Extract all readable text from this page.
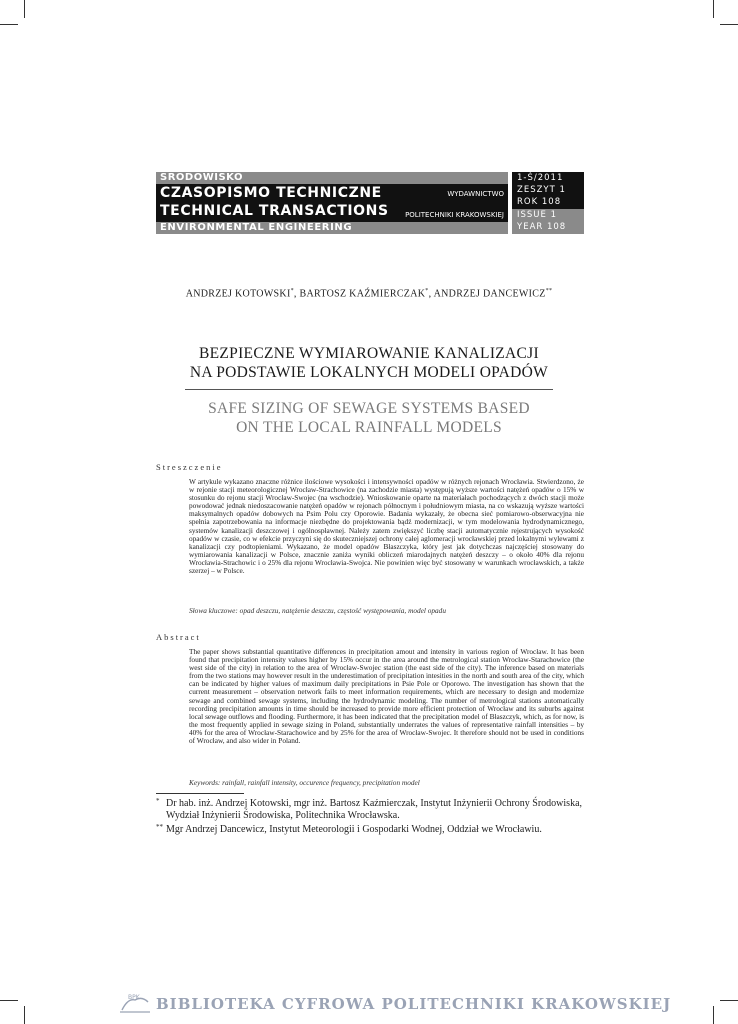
ŚRODOWISKO
CZASOPISMO TECHNICZNE
TECHNICAL TRANSACTIONS
WYDAWNICTWO
POLITECHNIKI KRAKOWSKIEJ
ENVIRONMENTAL ENGINEERING
1-Ś/2011
ZESZYT 1
ROK 108
ISSUE 1
YEAR 108
ANDRZEJ KOTOWSKI*, BARTOSZ KAŹMIERCZAK*, ANDRZEJ DANCEWICZ**
BEZPIECZNE WYMIAROWANIE KANALIZACJI
NA PODSTAWIE LOKALNYCH MODELI OPADÓW
SAFE SIZING OF SEWAGE SYSTEMS BASED
ON THE LOCAL RAINFALL MODELS
Streszczenie
W artykule wykazano znaczne różnice ilościowe wysokości i intensywności opadów w różnych rejonach Wrocławia. Stwierdzono, że w rejonie stacji meteorologicznej Wrocław-Strachowice (na zachodzie miasta) występują wyższe wartości natężeń opadów o 15% w stosunku do rejonu stacji Wrocław-Swojec (na wschodzie). Wnioskowanie oparte na materiałach pochodzących z dwóch stacji może powodować jednak niedoszacowanie natężeń opadów w rejonach północnym i południowym miasta, na co wskazują wyższe wartości maksymalnych opadów dobowych na Psim Polu czy Oporowie. Badania wykazały, że obecna sieć pomiarowo-obserwacyjna nie spełnia zapotrzebowania na informacje niezbędne do projektowania bądź modernizacji, w tym modelowania hydrodynamicznego, systemów kanalizacji deszczowej i ogólnospławnej. Należy zatem zwiększyć liczbę stacji automatycznie rejestrujących wysokość opadów w czasie, co w efekcie przyczyni się do skuteczniejszej ochrony całej aglomeracji wrocławskiej przed lokalnymi wylewami z kanalizacji czy podtopieniami. Wykazano, że model opadów Błaszczyka, który jest jak dotychczas najczęściej stosowany do wymiarowania kanalizacji w Polsce, znacznie zaniża wyniki obliczeń miarodajnych natężeń deszczy – o około 40% dla rejonu Wrocławia-Strachowic i o 25% dla rejonu Wrocławia-Swojca. Nie powinien więc być stosowany w warunkach wrocławskich, a także szerzej – w Polsce.
Słowa kluczowe: opad deszczu, natężenie deszczu, częstość występowania, model opadu
Abstract
The paper shows substantial quantitative differences in precipitation amout and intensity in various region of Wrocław. It has been found that precipitation intensity values higher by 15% occur in the area around the metrological station Wrocław-Starachowice (the west side of the city) in relation to the area of Wrocław-Swojec station (the east side of the city). The inference based on materials from the two stations may however result in the underestimation of precipitation intesities in the north and south area of the city, which can be indicated by higher values of maximum daily precipitations in Psie Pole or Oporowo. The investigation has shown that the current measurement – observation network fails to meet information requirements, which are necessary to design and modernize sewage and combined sewage systems, including the hydrodynamic modeling. The number of metrological stations automatically recording precipitation amounts in time should be increased to provide more efficient protection of Wrocław and its suburbs against local sewage outflows and flooding. Furthermore, it has been indicated that the precipitation model of Błaszczyk, which, as for now, is the most frequently applied in sewage sizing in Poland, substantially underrates the values of representative rainfall intensities – by 40% for the area of Wrocław-Starachowice and by 25% for the area of Wrocław-Swojec. It therefore should not be used in conditions of Wrocław, and also wider in Poland.
Keywords: rainfall, rainfall intensity, occurence frequency, precipitation model
* Dr hab. inż. Andrzej Kotowski, mgr inż. Bartosz Kaźmierczak, Instytut Inżynierii Ochrony Środowiska, Wydział Inżynierii Środowiska, Politechnika Wrocławska.
** Mgr Andrzej Dancewicz, Instytut Meteorologii i Gospodarki Wodnej, Oddział we Wrocławiu.
BPK BIBLIOTEKA CYFROWA POLITECHNIKI KRAKOWSKIEJ
